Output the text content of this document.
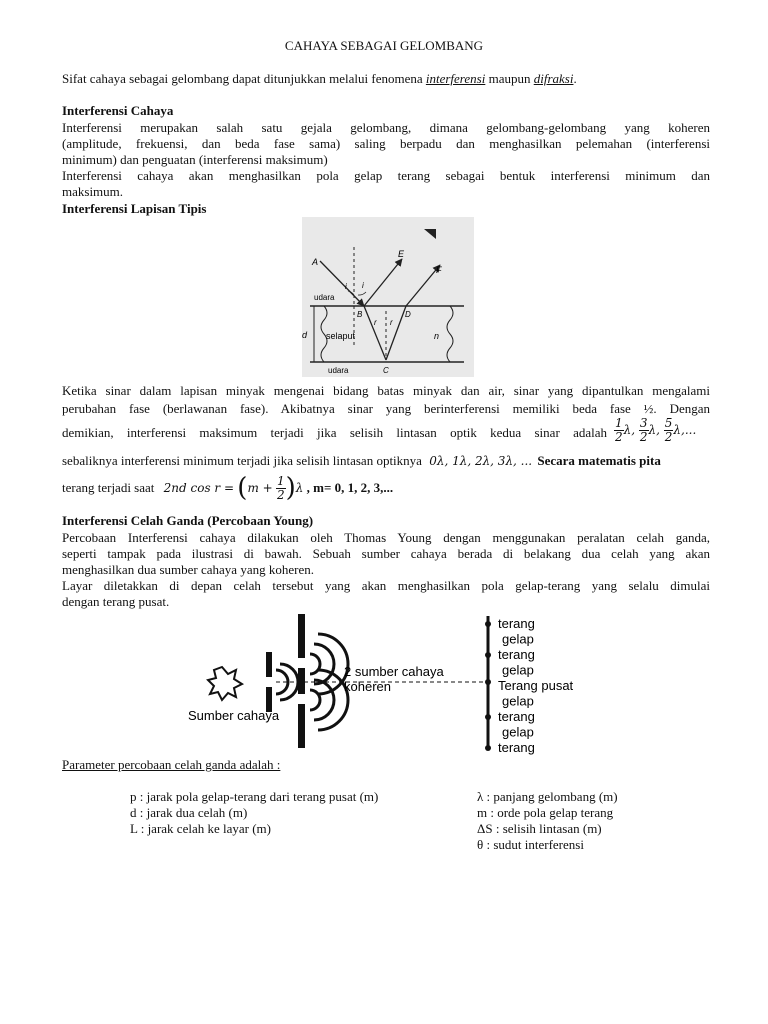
CAHAYA SEBAGAI GELOMBANG
Sifat cahaya sebagai gelombang dapat ditunjukkan melalui fenomena interferensi maupun difraksi.
Interferensi Cahaya
Interferensi merupakan salah satu gejala gelombang, dimana gelombang-gelombang yang koheren
(amplitude, frekuensi, dan beda fase sama) saling berpadu dan menghasilkan pelemahan (interferensi
minimum) dan penguatan (interferensi maksimum)
Interferensi cahaya akan menghasilkan pola gelap terang sebagai bentuk interferensi minimum dan
maksimum.
Interferensi Lapisan Tipis
A
E
F
i i
udara
B	D
d
r r
selaput	n
udara	C
Ketika sinar dalam lapisan minyak mengenai bidang batas minyak dan air, sinar yang dipantulkan mengalami
perubahan fase (berlawanan fase). Akibatnya sinar yang berinterferensi memiliki beda fase ½. Dengan
demikian, interferensi maksimum terjadi jika selisih lintasan optik kedua sinar adalah $\frac{1}{2} \lambda$, $\frac{3}{2} \lambda$, $\frac{5}{2} \lambda$,...
sebaliknya interferensi minimum terjadi jika selisih lintasan optiknya 0λ, 1λ, 2λ, 3λ, ... Secara matematis pita
terang terjadi saat 2nd $\cos r = (m + \frac{1}{2} )\lambda$ , m= 0, 1, 2, 3,...
Interferensi Celah Ganda (Percobaan Young)
Percobaan Interferensi cahaya dilakukan oleh Thomas Young dengan menggunakan peralatan celah ganda,
seperti tampak pada ilustrasi di bawah. Sebuah sumber cahaya berada di belakang dua celah yang akan
menghasilkan dua sumber cahaya yang koheren.
Layar diletakkan di depan celah tersebut yang akan menghasilkan pola gelap-terang yang selalu dimulai
dengan terang pusat.
Sumber cahaya
2 sumber cahaya
koheren
terang
gelap
terang
gelap
Terang pusat
gelap
terang
gelap
terang
Parameter percobaan celah ganda adalah :
p : jarak pola gelap-terang dari terang pusat (m)
d : jarak dua celah (m)
L : jarak celah ke layar (m)
λ : panjang gelombang (m)
m : orde pola gelap terang
ΔS : selisih lintasan (m)
θ : sudut interferensi
